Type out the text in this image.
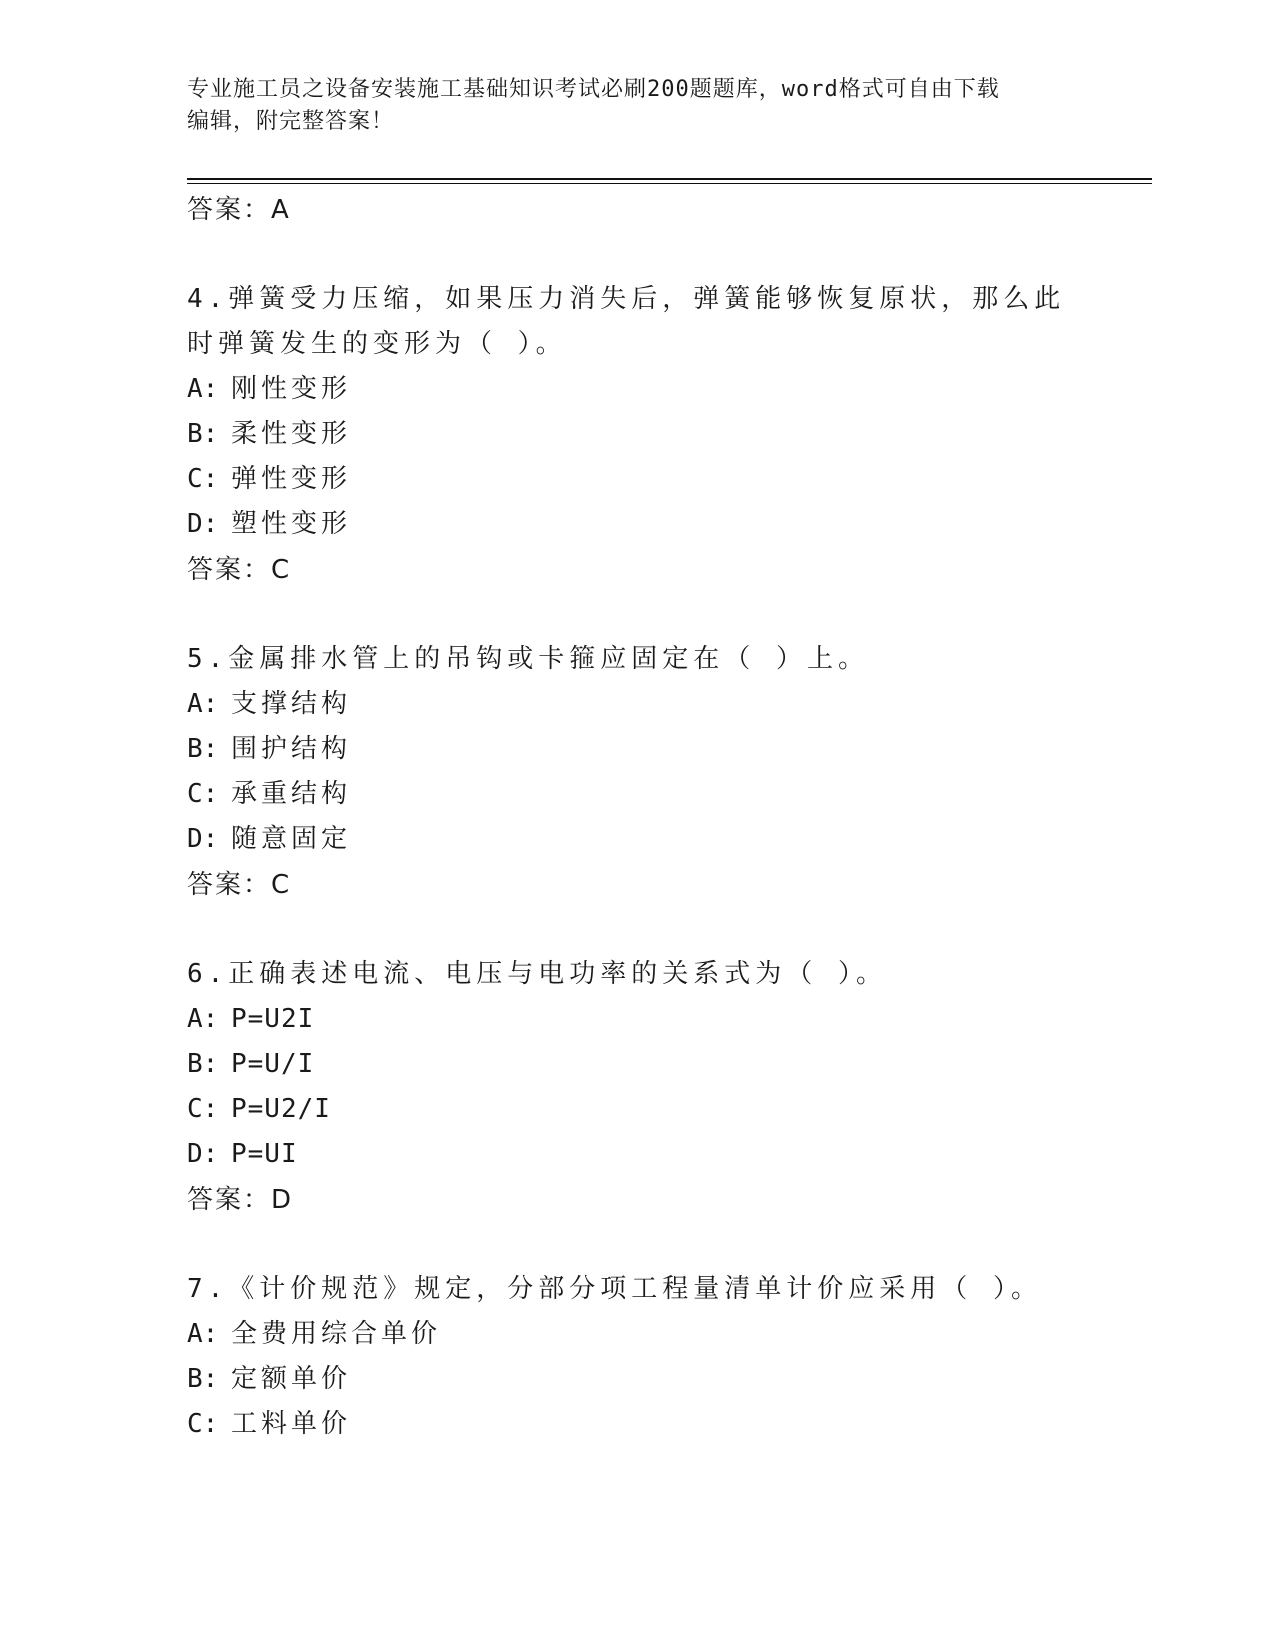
专业施工员之设备安装施工基础知识考试必刷200题题库，word格式可自由下载
编辑，附完整答案！
答案：A
4.弹簧受力压缩，如果压力消失后，弹簧能够恢复原状，那么此时弹簧发生的变形为（ ）。
A: 刚性变形
B: 柔性变形
C: 弹性变形
D: 塑性变形
答案：C
5.金属排水管上的吊钩或卡箍应固定在（ ）上。
A: 支撑结构
B: 围护结构
C: 承重结构
D: 随意固定
答案：C
6.正确表述电流、电压与电功率的关系式为（ ）。
A: P=U2I
B: P=U/I
C: P=U2/I
D: P=UI
答案：D
7.《计价规范》规定，分部分项工程量清单计价应采用（ ）。
A: 全费用综合单价
B: 定额单价
C: 工料单价
